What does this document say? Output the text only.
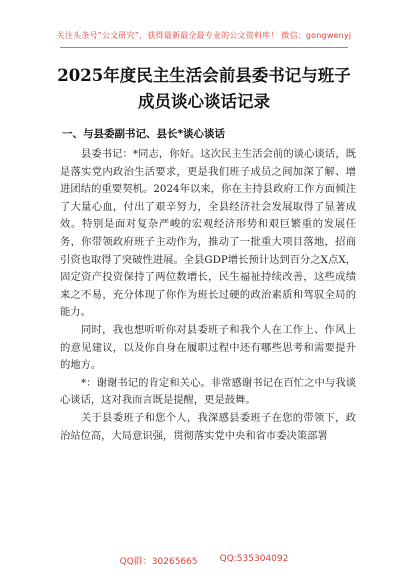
关注头条号“公文研究”，获得最新最全最专业的公文资料库！ 微信：gongwenyj
2025年度民主生活会前县委书记与班子
成员谈心谈话记录
一、与县委副书记、县长*谈心谈话

县委书记：*同志，你好。这次民主生活会前的谈心谈话，既是落实党内政治生活要求，更是我们班子成员之间加深了解、增进团结的重要契机。2024年以来，你在主持县政府工作方面倾注了大量心血，付出了艰辛努力，全县经济社会发展取得了显著成效。特别是面对复杂严峻的宏观经济形势和艰巨繁重的发展任务，你带领政府班子主动作为，推动了一批重大项目落地，招商引资也取得了突破性进展。全县GDP增长预计达到百分之X点X，固定资产投资保持了两位数增长，民生福祉持续改善，这些成绩来之不易，充分体现了你作为班长过硬的政治素质和驾驭全局的能力。

同时，我也想听听你对县委班子和我个人在工作上、作风上的意见建议，以及你自身在履职过程中还有哪些思考和需要提升的地方。

*：谢谢书记的肯定和关心。非常感谢书记在百忙之中与我谈心谈话，这对我而言既是提醒，更是鼓舞。

关于县委班子和您个人，我深感县委班子在您的带领下，政治站位高，大局意识强，贯彻落实党中央和省市委决策部署

QQ群：30265665 QQ:535304092
